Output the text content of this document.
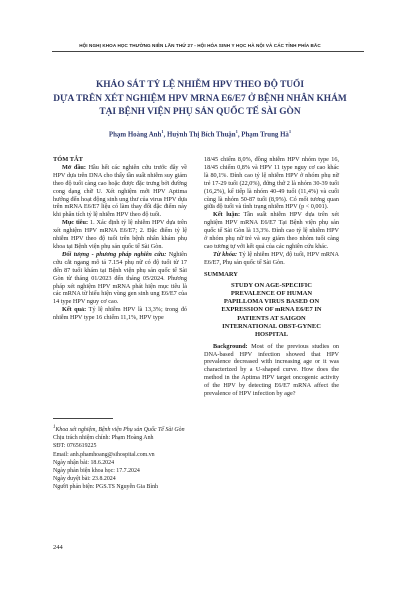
HỘI NGHỊ KHOA HỌC THƯỜNG NIÊN LẦN THỨ 27 - HỘI HÓA SINH Y HỌC HÀ NỘI VÀ CÁC TỈNH PHÍA BẮC
KHẢO SÁT TỶ LỆ NHIỄM HPV THEO ĐỘ TUỔI
DỰA TRÊN XÉT NGHIỆM HPV MRNA E6/E7 Ở BỆNH NHÂN KHÁM
TẠI BỆNH VIỆN PHỤ SẢN QUỐC TẾ SÀI GÒN
Phạm Hoàng Anh$^1$, Huỳnh Thị Bích Thuận$^1$, Phạm Trung $Hà^1$

TÓM TẮT

Mở đầu: Hầu hết các nghiên cứu trước đây về HPV dựa trên DNA cho thấy tần suất nhiễm suy giảm theo độ tuổi càng cao hoặc được đặc trưng bởi đường cong dạng chữ U. Xét nghiệm mới HPV Aptima hướng đến hoạt động sinh ung thư của virus HPV dựa trên mRNA E6/E7 liệu có làm thay đổi đặc điểm này khi phân tích tỷ lệ nhiễm HPV theo độ tuổi.

Mục tiêu: 1. Xác định tỷ lệ nhiễm HPV dựa trên xét nghiệm HPV mRNA E6/E7; 2. Đặc điểm tỷ lệ nhiễm HPV theo độ tuổi trên bệnh nhân khám phụ khoa tại Bệnh viện phụ sản quốc tế Sài Gòn.

Đối tượng - phương pháp nghiên cứu: Nghiên cứu cắt ngang mô tả 7.154 phụ nữ có độ tuổi từ 17 đến 87 tuổi khám tại Bệnh viện phụ sản quốc tế Sài Gòn từ tháng 01/2023 đến tháng 05/2024. Phương pháp xét nghiệm HPV mRNA phát hiện mục tiêu là các mRNA từ hiểu hiện vùng gen sinh ung E6/E7 của 14 type HPV nguy cơ cao.

Kết quả: Tỷ lệ nhiễm HPV là 13,3%; trong đó nhiễm HPV type 16 chiếm 11,1%, HPV type

$^1$Khoa xét nghiệm, Bệnh viện Phụ sản Quốc Tế Sài Gòn
Chịu trách nhiệm chính: Phạm Hoàng Anh
SĐT: 0765619225
Email: anh.phamhoang@sihospital.com.vn
Ngày nhận bài: 18.6.2024
Ngày phản biện khoa học: 17.7.2024
Ngày duyệt bài: 23.8.2024
Người phản biện: PGS.TS Nguyễn Gia Bình
244

18/45 chiếm 8,0%, đồng nhiễm HPV nhóm type 16, 18/45 chiếm 0,8% và HPV 11 type nguy cơ cao khác là 80,1%. Đỉnh cao tỷ lệ nhiễm HPV ở nhóm phụ nữ trẻ 17-29 tuổi (22,0%), đứng thứ 2 là nhóm 30-39 tuổi (16,2%), kế tiếp là nhóm 40-49 tuổi (11,4%) và cuối cùng là nhóm 50-87 tuổi (8,9%). Có mối tương quan giữa độ tuổi và tình trạng nhiễm HPV (p < 0,001).

Kết luận: Tần suất nhiễm HPV dựa trên xét nghiệm HPV mRNA E6/E7 Tại Bệnh viện phụ sản quốc tế Sài Gòn là 13,3%. Đỉnh cao tỷ lệ nhiễm HPV ở nhóm phụ nữ trẻ và suy giảm theo nhóm tuổi càng cao tương tự với kết quả của các nghiên cứu khác.

Từ khóa: Tỷ lệ nhiễm HPV, độ tuổi, HPV mRNA E6/E7, Phụ sản quốc tế Sài Gòn.

SUMMARY

STUDY ON AGE-SPECIFIC
PREVALENCE OF HUMAN
PAPILLOMA VIRUS BASED ON
EXPRESSION OF mRNA E6/E7 IN
PATIENTS AT SAIGON
INTERNATIONAL OBST-GYNEC
HOSPITAL

Background: Most of the previous studies on DNA-based HPV infection showed that HPV prevalence decreased with increasing age or it was characterized by a U-shaped curve. How does the method in the Aptima HPV target oncogenic activity of the HPV by detecting E6/E7 mRNA affect the prevalence of HPV infection by age?
